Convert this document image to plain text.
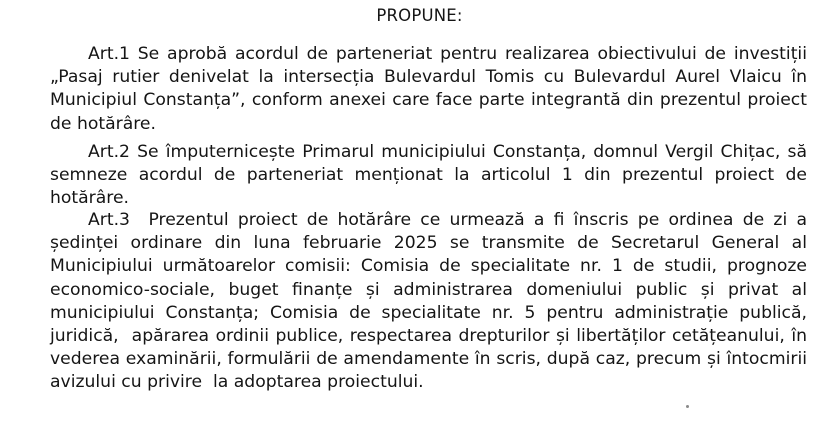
PROPUNE:

Art.1 Se aprobă acordul de parteneriat pentru realizarea obiectivului de investiții „Pasaj rutier denivelat la intersecția Bulevardul Tomis cu Bulevardul Aurel Vlaicu în Municipiul Constanța”, conform anexei care face parte integrantă din prezentul proiect de hotărâre.

Art.2 Se împuternicește Primarul municipiului Constanța, domnul Vergil Chițac, să semneze acordul de parteneriat menționat la articolul 1 din prezentul proiect de hotărâre.

Art.3  Prezentul proiect de hotărâre ce urmează a fi înscris pe ordinea de zi a ședinței ordinare din luna februarie 2025 se transmite de Secretarul General al Municipiului următoarelor comisii: Comisia de specialitate nr. 1 de studii, prognoze economico-sociale, buget finanțe și administrarea domeniului public și privat al municipiului Constanța; Comisia de specialitate nr. 5 pentru administrație publică, juridică,  apărarea ordinii publice, respectarea drepturilor și libertăților cetățeanului, în vederea examinării, formulării de amendamente în scris, după caz, precum și întocmirii avizului cu privire  la adoptarea proiectului.
